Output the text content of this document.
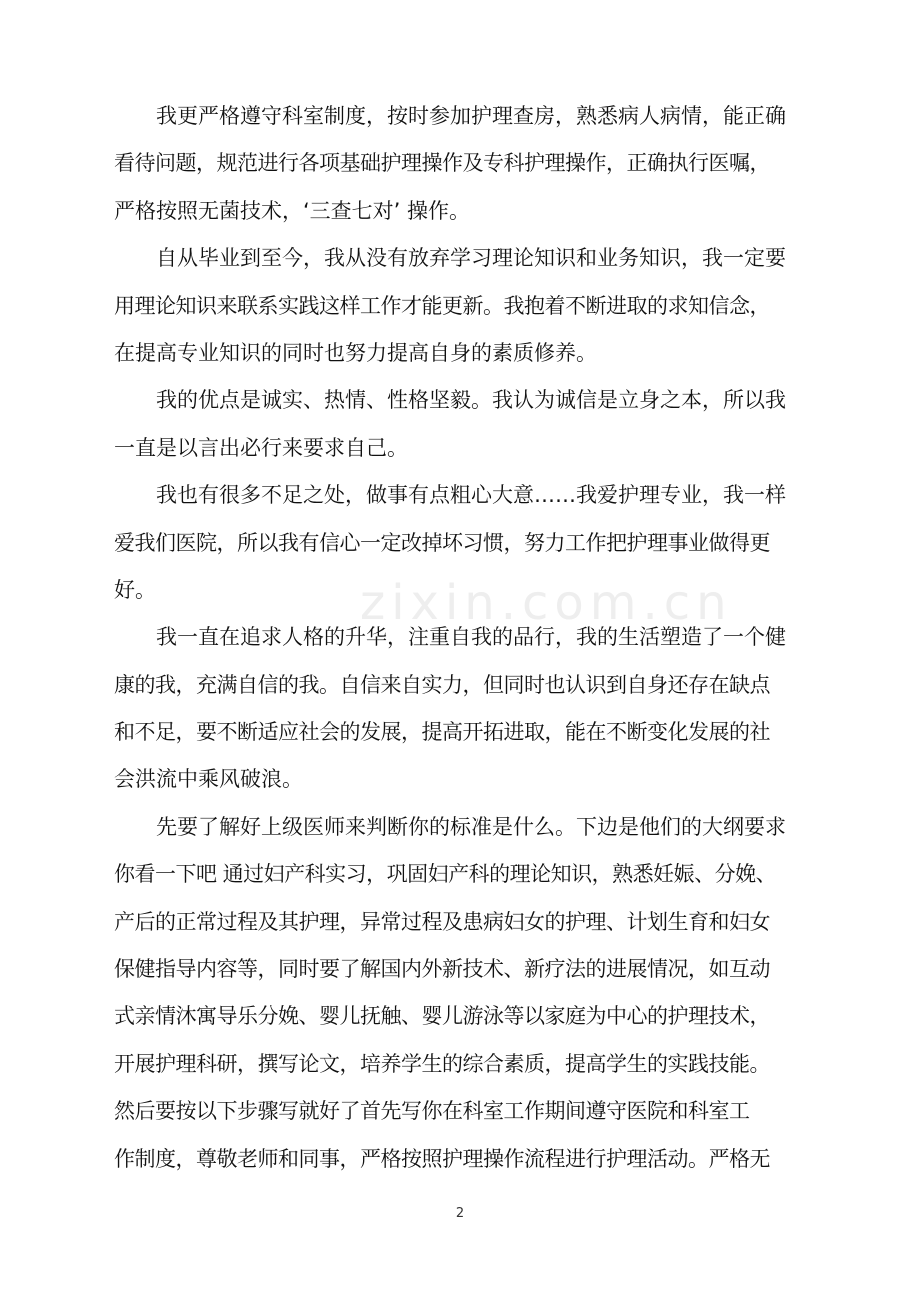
zixin.com.cn

我更严格遵守科室制度，按时参加护理查房，熟悉病人病情，能正确
看待问题，规范进行各项基础护理操作及专科护理操作，正确执行医嘱，
严格按照无菌技术，‘三查七对’ 操作。

自从毕业到至今，我从没有放弃学习理论知识和业务知识，我一定要
用理论知识来联系实践这样工作才能更新。我抱着不断进取的求知信念，
在提高专业知识的同时也努力提高自身的素质修养。

我的优点是诚实、热情、性格坚毅。我认为诚信是立身之本，所以我
一直是以言出必行来要求自己。

我也有很多不足之处，做事有点粗心大意……我爱护理专业，我一样
爱我们医院，所以我有信心一定改掉坏习惯，努力工作把护理事业做得更
好。

我一直在追求人格的升华，注重自我的品行，我的生活塑造了一个健
康的我，充满自信的我。自信来自实力，但同时也认识到自身还存在缺点
和不足，要不断适应社会的发展，提高开拓进取，能在不断变化发展的社
会洪流中乘风破浪。

先要了解好上级医师来判断你的标准是什么。下边是他们的大纲要求
你看一下吧 通过妇产科实习，巩固妇产科的理论知识，熟悉妊娠、分娩、
产后的正常过程及其护理，异常过程及患病妇女的护理、计划生育和妇女
保健指导内容等，同时要了解国内外新技术、新疗法的进展情况，如互动
式亲情沐寓导乐分娩、婴儿抚触、婴儿游泳等以家庭为中心的护理技术，
开展护理科研，撰写论文，培养学生的综合素质，提高学生的实践技能。
然后要按以下步骤写就好了首先写你在科室工作期间遵守医院和科室工
作制度，尊敬老师和同事，严格按照护理操作流程进行护理活动。严格无

2
